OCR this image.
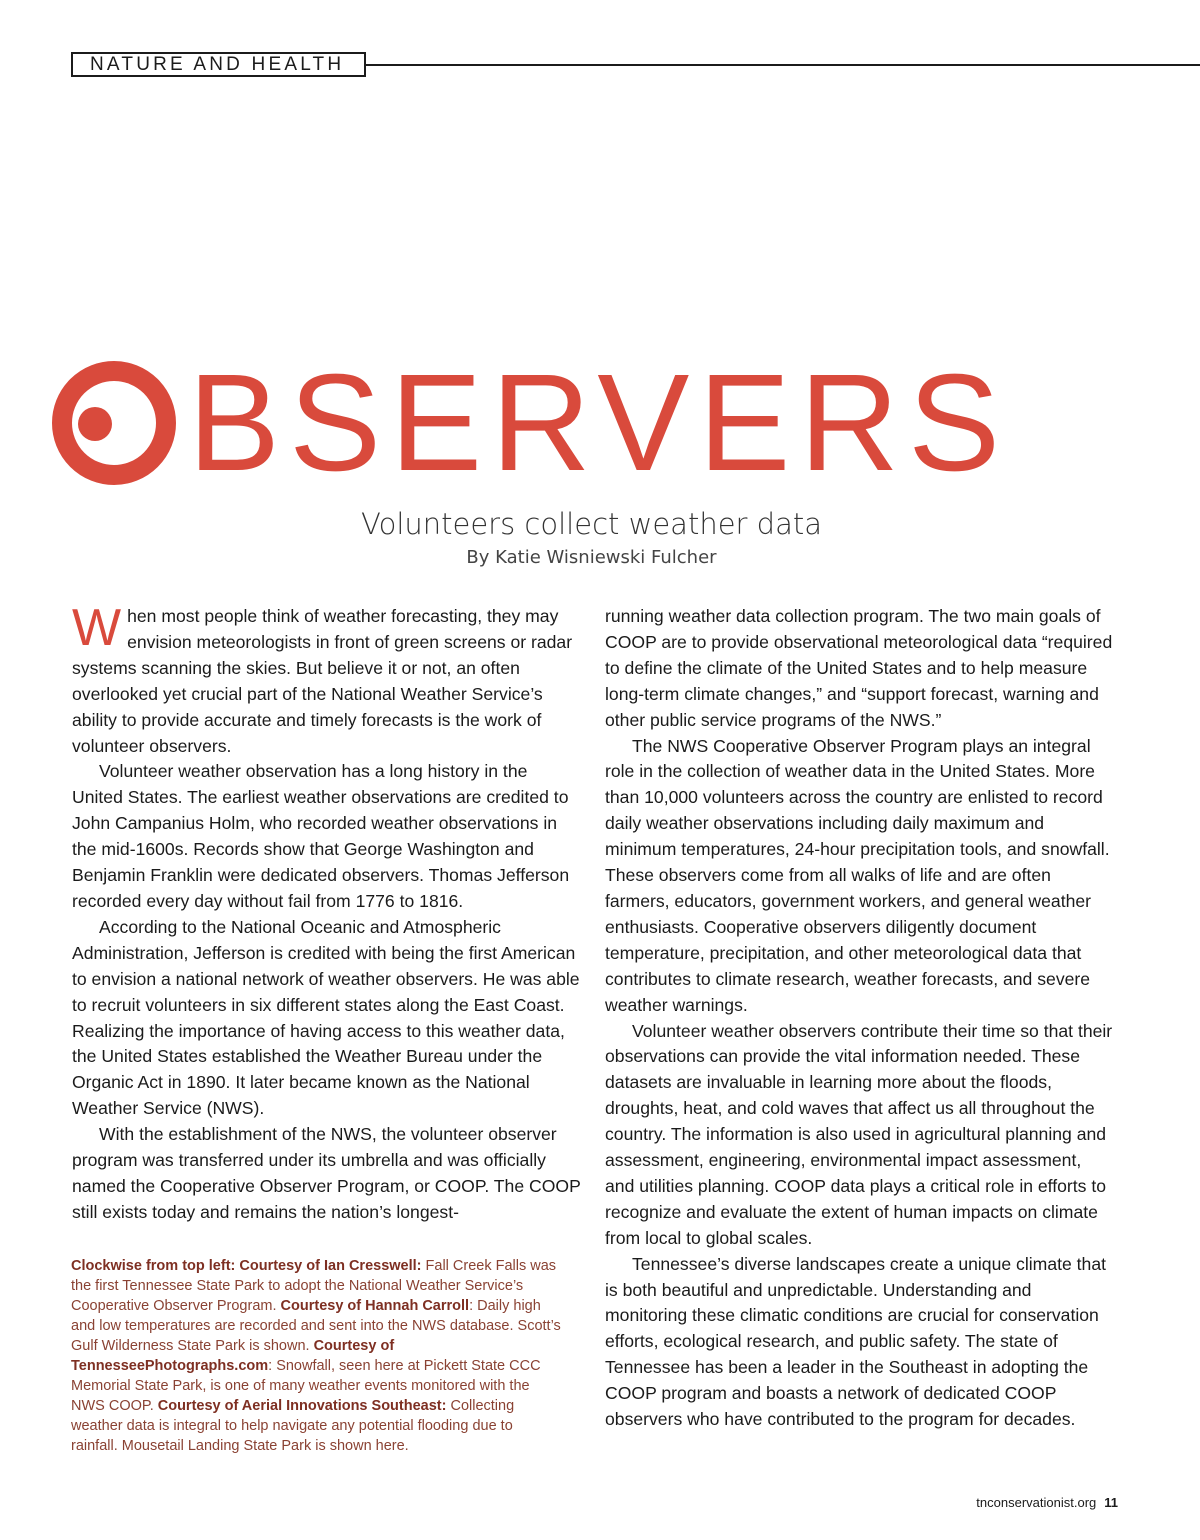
NATURE AND HEALTH
BSERVERS
Volunteers collect weather data
By Katie Wisniewski Fulcher

When most people think of weather forecasting, they may envision meteorologists in front of green screens or radar systems scanning the skies. But believe it or not, an often overlooked yet crucial part of the National Weather Service’s ability to provide accurate and timely forecasts is the work of volunteer observers.

Volunteer weather observation has a long history in the United States. The earliest weather observations are credited to John Campanius Holm, who recorded weather observations in the mid-1600s. Records show that George Washington and Benjamin Franklin were dedicated observers. Thomas Jefferson recorded every day without fail from 1776 to 1816.

According to the National Oceanic and Atmospheric Administration, Jefferson is credited with being the first American to envision a national network of weather observers. He was able to recruit volunteers in six different states along the East Coast. Realizing the importance of having access to this weather data, the United States established the Weather Bureau under the Organic Act in 1890. It later became known as the National Weather Service (NWS).

With the establishment of the NWS, the volunteer observer program was transferred under its umbrella and was officially named the Cooperative Observer Program, or COOP. The COOP still exists today and remains the nation’s longest-

running weather data collection program. The two main goals of COOP are to provide observational meteorological data “required to define the climate of the United States and to help measure long-term climate changes,” and “support forecast, warning and other public service programs of the NWS.”

The NWS Cooperative Observer Program plays an integral role in the collection of weather data in the United States. More than 10,000 volunteers across the country are enlisted to record daily weather observations including daily maximum and minimum temperatures, 24-hour precipitation tools, and snowfall. These observers come from all walks of life and are often farmers, educators, government workers, and general weather enthusiasts. Cooperative observers diligently document temperature, precipitation, and other meteorological data that contributes to climate research, weather forecasts, and severe weather warnings.

Volunteer weather observers contribute their time so that their observations can provide the vital information needed. These datasets are invaluable in learning more about the floods, droughts, heat, and cold waves that affect us all throughout the country. The information is also used in agricultural planning and assessment, engineering, environmental impact assessment, and utilities planning. COOP data plays a critical role in efforts to recognize and evaluate the extent of human impacts on climate from local to global scales.

Tennessee’s diverse landscapes create a unique climate that is both beautiful and unpredictable. Understanding and monitoring these climatic conditions are crucial for conservation efforts, ecological research, and public safety. The state of Tennessee has been a leader in the Southeast in adopting the COOP program and boasts a network of dedicated COOP observers who have contributed to the program for decades.

Clockwise from top left: Courtesy of Ian Cresswell: Fall Creek Falls was the first Tennessee State Park to adopt the National Weather Service’s Cooperative Observer Program. Courtesy of Hannah Carroll: Daily high and low temperatures are recorded and sent into the NWS database. Scott’s Gulf Wilderness State Park is shown. Courtesy of TennesseePhotographs.com: Snowfall, seen here at Pickett State CCC Memorial State Park, is one of many weather events monitored with the NWS COOP. Courtesy of Aerial Innovations Southeast: Collecting weather data is integral to help navigate any potential flooding due to rainfall. Mousetail Landing State Park is shown here.
tnconservationist.org 11
